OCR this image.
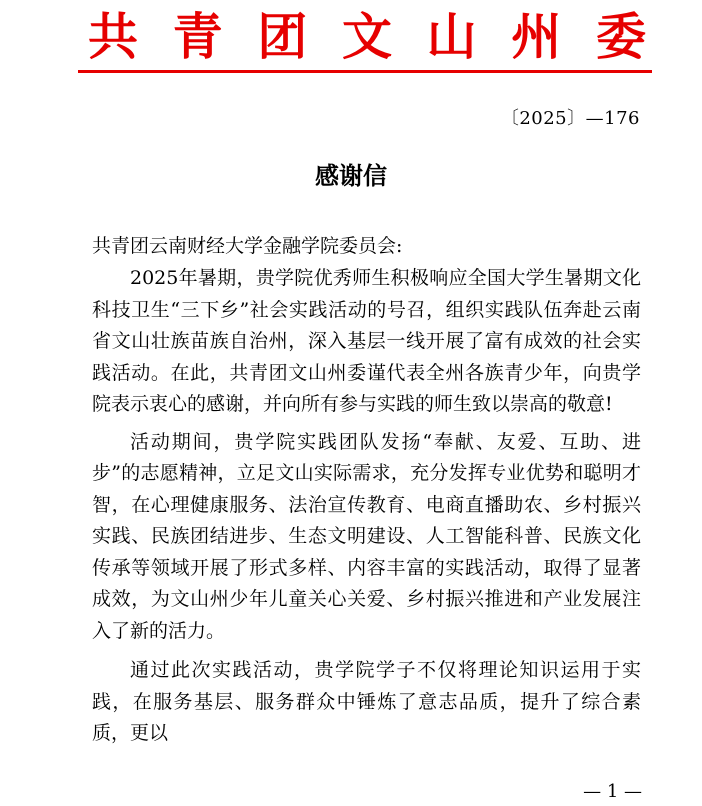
共 青 团 文 山 州 委
〔2025〕—176
感谢信
共青团云南财经大学金融学院委员会:

2025年暑期，贵学院优秀师生积极响应全国大学生暑期文化科技卫生“三下乡”社会实践活动的号召，组织实践队伍奔赴云南省文山壮族苗族自治州，深入基层一线开展了富有成效的社会实践活动。在此，共青团文山州委谨代表全州各族青少年，向贵学院表示衷心的感谢，并向所有参与实践的师生致以崇高的敬意!

活动期间，贵学院实践团队发扬“奉献、友爱、互助、进步”的志愿精神，立足文山实际需求，充分发挥专业优势和聪明才智，在心理健康服务、法治宣传教育、电商直播助农、乡村振兴实践、民族团结进步、生态文明建设、人工智能科普、民族文化传承等领域开展了形式多样、内容丰富的实践活动，取得了显著成效，为文山州少年儿童关心关爱、乡村振兴推进和产业发展注入了新的活力。

通过此次实践活动，贵学院学子不仅将理论知识运用于实践，在服务基层、服务群众中锤炼了意志品质，提升了综合素质，更以

— 1 —
